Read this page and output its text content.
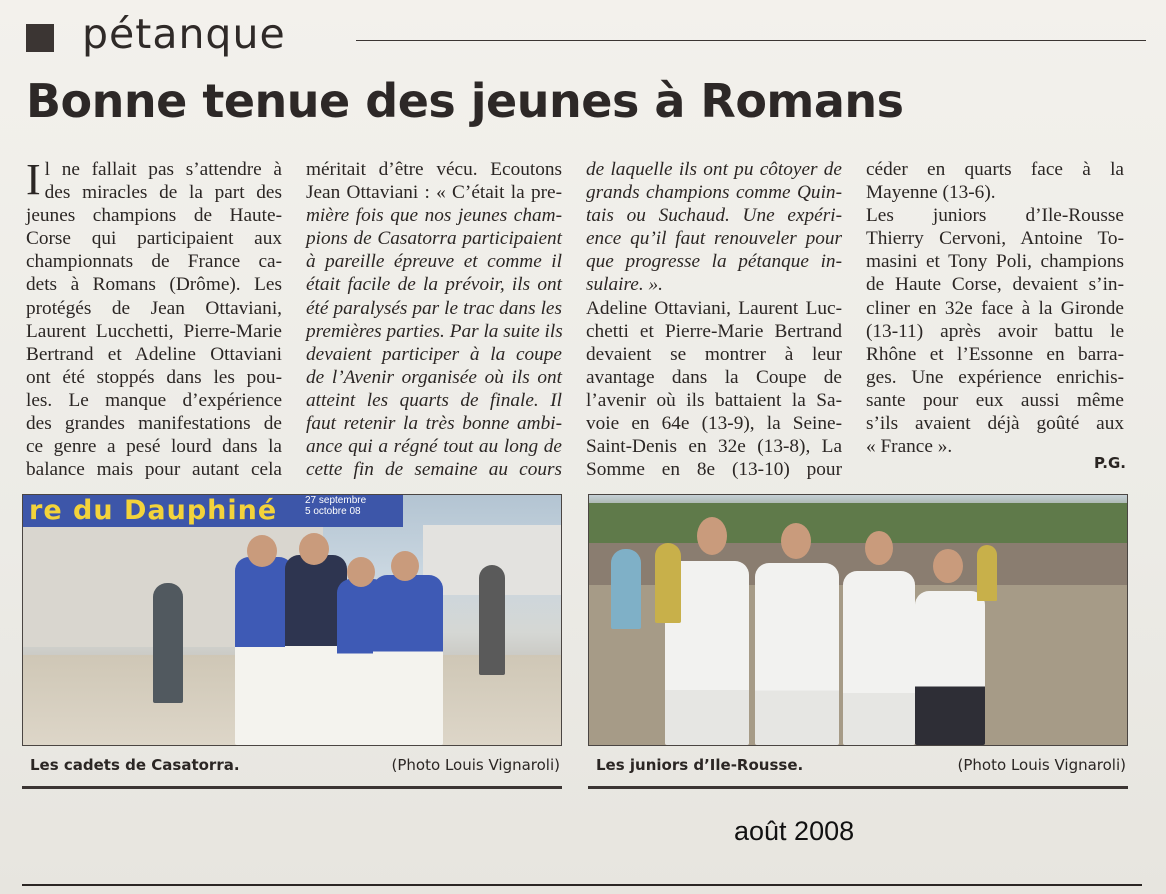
pétanque
Bonne tenue des jeunes à Romans
I l ne fallait pas s’attendre à
des miracles de la part des
jeunes champions de Haute-
Corse qui participaient aux
championnats de France ca-
dets à Romans (Drôme). Les
protégés de Jean Ottaviani,
Laurent Lucchetti, Pierre-Marie
Bertrand et Adeline Ottaviani
ont été stoppés dans les pou-
les. Le manque d’expérience
des grandes manifestations de
ce genre a pesé lourd dans la
balance mais pour autant cela
méritait d’être vécu. Ecoutons
Jean Ottaviani : « C’était la pre-
mière fois que nos jeunes cham-
pions de Casatorra participaient
à pareille épreuve et comme il
était facile de la prévoir, ils ont
été paralysés par le trac dans les
premières parties. Par la suite ils
devaient participer à la coupe
de l’Avenir organisée où ils ont
atteint les quarts de finale. Il
faut retenir la très bonne ambi-
ance qui a régné tout au long de
cette fin de semaine au cours
de laquelle ils ont pu côtoyer de
grands champions comme Quin-
tais ou Suchaud. Une expéri-
ence qu’il faut renouveler pour
que progresse la pétanque in-
sulaire. ».
Adeline Ottaviani, Laurent Luc-
chetti et Pierre-Marie Bertrand
devaient se montrer à leur
avantage dans la Coupe de
l’avenir où ils battaient la Sa-
voie en 64e (13-9), la Seine-
Saint-Denis en 32e (13-8), La
Somme en 8e (13-10) pour
céder en quarts face à la
Mayenne (13-6).
Les juniors d’Ile-Rousse
Thierry Cervoni, Antoine To-
masini et Tony Poli, champions
de Haute Corse, devaient s’in-
cliner en 32e face à la Gironde
(13-11) après avoir battu le
Rhône et l’Essonne en barra-
ges. Une expérience enrichis-
sante pour eux aussi même
s’ils avaient déjà goûté aux
« France ».
P.G.
re du Dauphiné	27 septembre
5 octobre 08
Les cadets de Casatorra.	(Photo Louis Vignaroli) Les juniors d’Ile-Rousse.	(Photo Louis Vignaroli)
août 2008
